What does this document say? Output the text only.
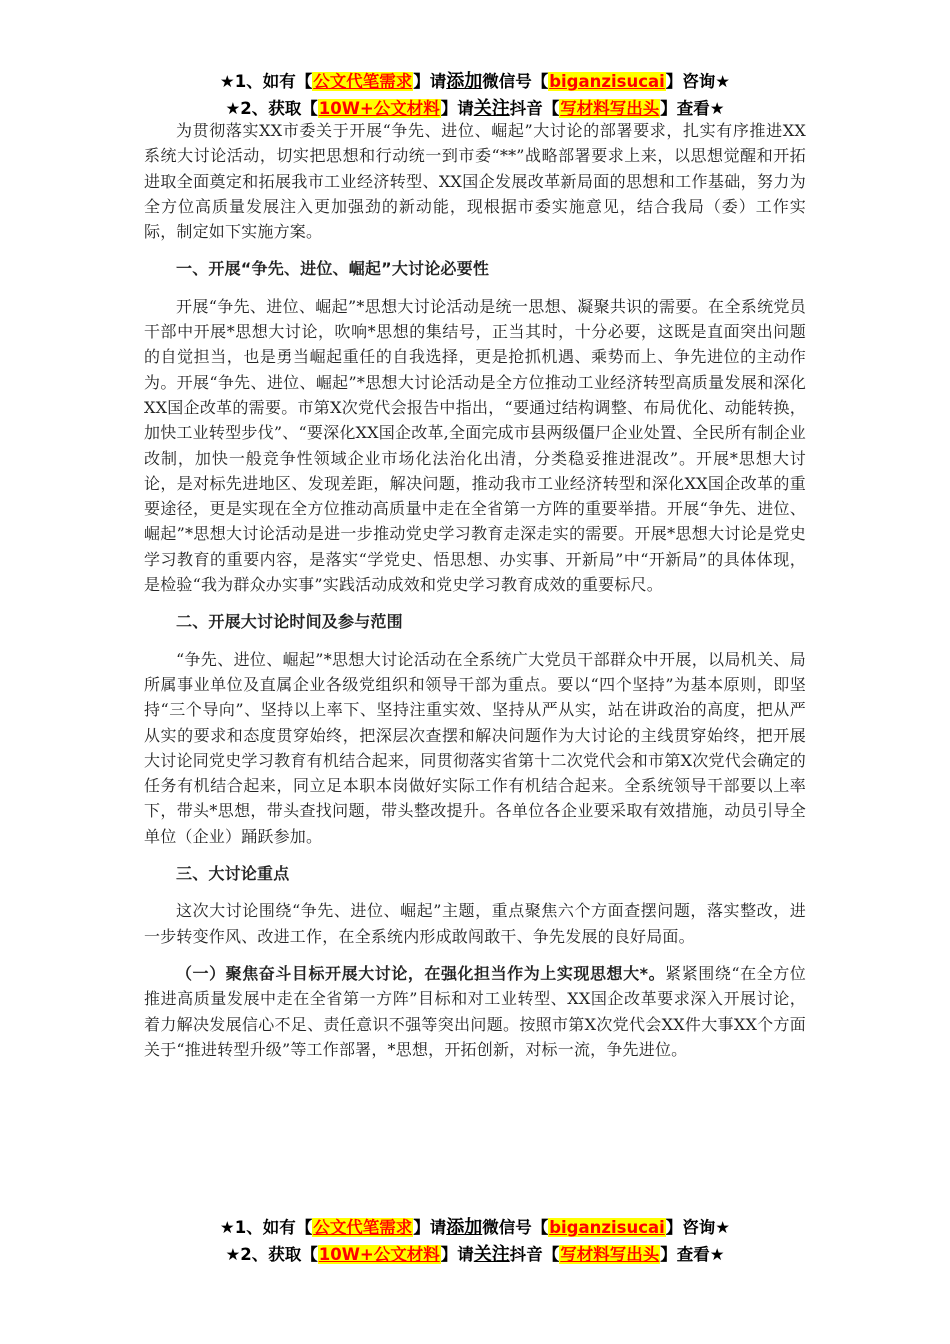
★1、如有【公文代笔需求】请添加微信号【biganzisucai】咨询★
★2、获取【10W+公文材料】请关注抖音【写材料写出头】查看★

为贯彻落实XX市委关于开展“争先、进位、崛起”大讨论的部署要求，扎实有序推进XX系统大讨论活动，切实把思想和行动统一到市委“**”战略部署要求上来，以思想觉醒和开拓进取全面奠定和拓展我市工业经济转型、XX国企发展改革新局面的思想和工作基础，努力为全方位高质量发展注入更加强劲的新动能，现根据市委实施意见，结合我局（委）工作实际，制定如下实施方案。

一、开展“争先、进位、崛起”大讨论必要性

开展“争先、进位、崛起”*思想大讨论活动是统一思想、凝聚共识的需要。在全系统党员干部中开展*思想大讨论，吹响*思想的集结号，正当其时，十分必要，这既是直面突出问题的自觉担当，也是勇当崛起重任的自我选择，更是抢抓机遇、乘势而上、争先进位的主动作为。开展“争先、进位、崛起”*思想大讨论活动是全方位推动工业经济转型高质量发展和深化XX国企改革的需要。市第X次党代会报告中指出，“要通过结构调整、布局优化、动能转换，加快工业转型步伐”、“要深化XX国企改革,全面完成市县两级僵尸企业处置、全民所有制企业改制，加快一般竞争性领域企业市场化法治化出清，分类稳妥推进混改”。开展*思想大讨论，是对标先进地区、发现差距，解决问题，推动我市工业经济转型和深化XX国企改革的重要途径，更是实现在全方位推动高质量中走在全省第一方阵的重要举措。开展“争先、进位、崛起”*思想大讨论活动是进一步推动党史学习教育走深走实的需要。开展*思想大讨论是党史学习教育的重要内容，是落实“学党史、悟思想、办实事、开新局”中“开新局”的具体体现，是检验“我为群众办实事”实践活动成效和党史学习教育成效的重要标尺。

二、开展大讨论时间及参与范围

“争先、进位、崛起”*思想大讨论活动在全系统广大党员干部群众中开展，以局机关、局所属事业单位及直属企业各级党组织和领导干部为重点。要以“四个坚持”为基本原则，即坚持“三个导向”、坚持以上率下、坚持注重实效、坚持从严从实，站在讲政治的高度，把从严从实的要求和态度贯穿始终，把深层次查摆和解决问题作为大讨论的主线贯穿始终，把开展大讨论同党史学习教育有机结合起来，同贯彻落实省第十二次党代会和市第X次党代会确定的任务有机结合起来，同立足本职本岗做好实际工作有机结合起来。全系统领导干部要以上率下，带头*思想，带头查找问题，带头整改提升。各单位各企业要采取有效措施，动员引导全单位（企业）踊跃参加。

三、大讨论重点

这次大讨论围绕“争先、进位、崛起”主题，重点聚焦六个方面查摆问题，落实整改，进一步转变作风、改进工作，在全系统内形成敢闯敢干、争先发展的良好局面。

（一）聚焦奋斗目标开展大讨论，在强化担当作为上实现思想大*。紧紧围绕“在全方位推进高质量发展中走在全省第一方阵”目标和对工业转型、XX国企改革要求深入开展讨论，着力解决发展信心不足、责任意识不强等突出问题。按照市第X次党代会XX件大事XX个方面关于“推进转型升级”等工作部署，*思想，开拓创新，对标一流，争先进位。

★1、如有【公文代笔需求】请添加微信号【biganzisucai】咨询★
★2、获取【10W+公文材料】请关注抖音【写材料写出头】查看★
